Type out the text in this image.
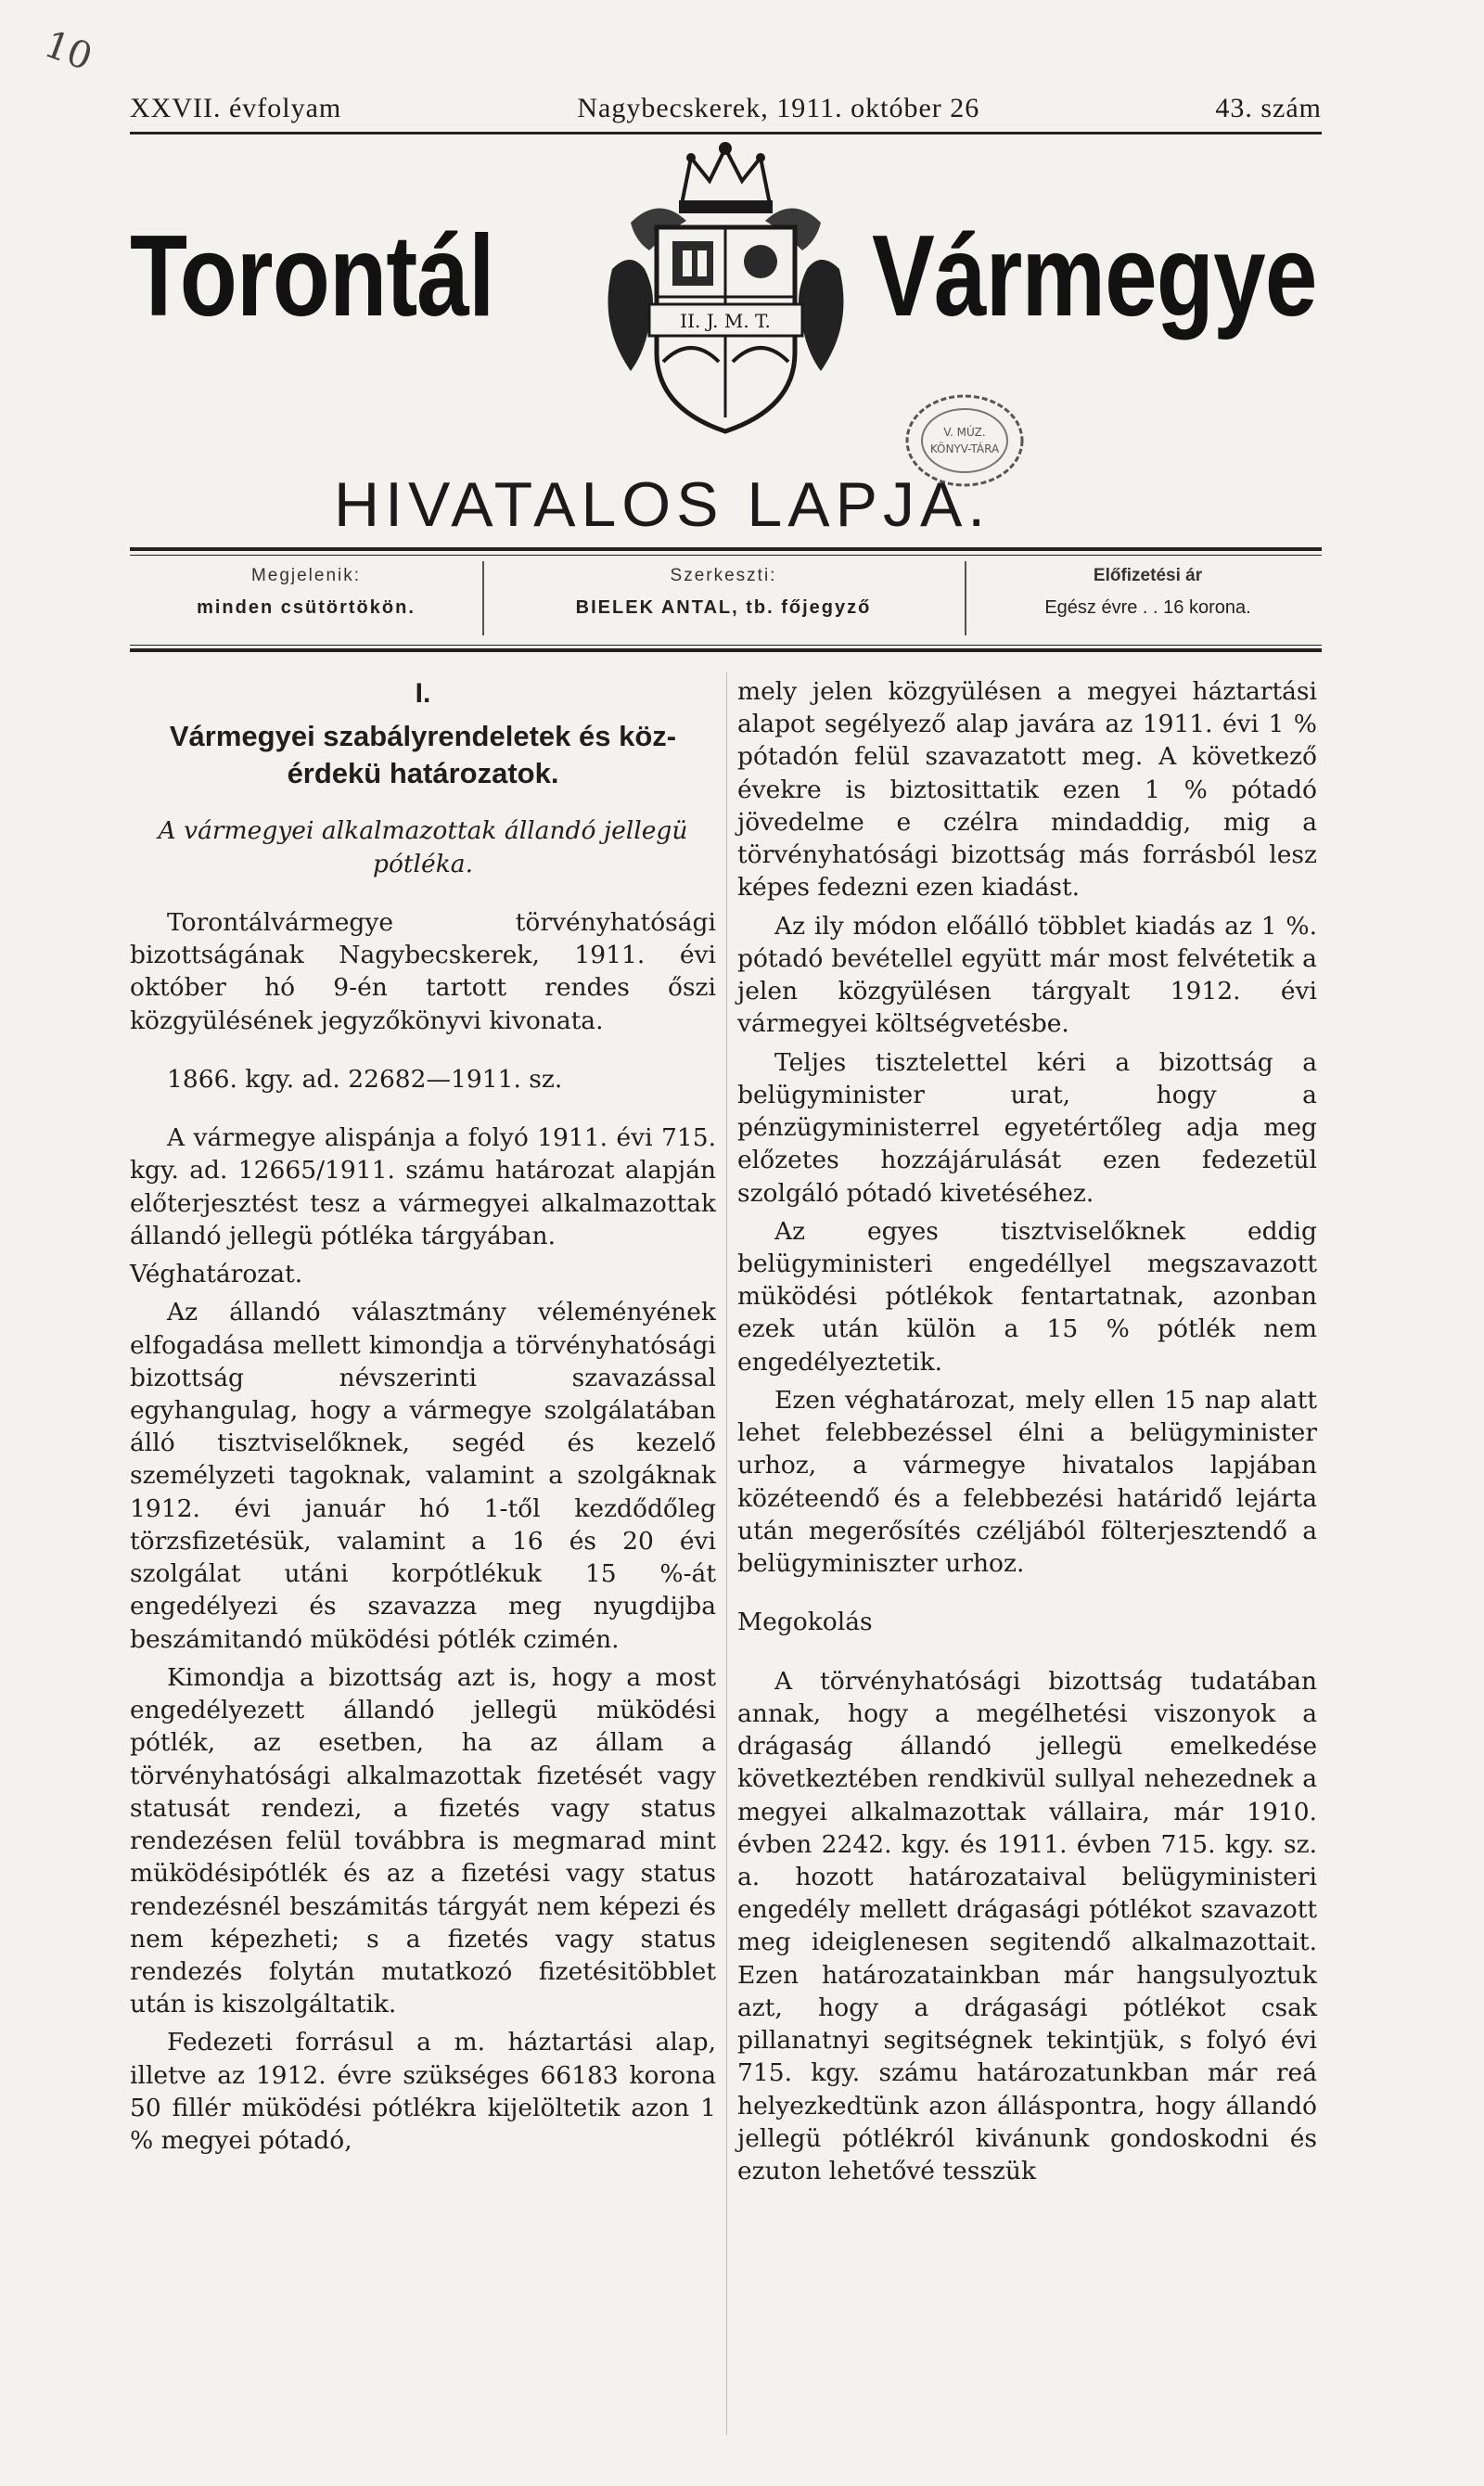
10
XXVII. évfolyam	Nagybecskerek, 1911. október 26	43. szám
Torontál	Vármegye
II. J. M. T.
V. MÚZ.
KÖNYV-TÁRA
HIVATALOS LAPJA.
Megjelenik:
minden csütörtökön.
Szerkeszti:
BIELEK ANTAL, tb. főjegyző
Előfizetési ár
Egész évre . . 16 korona.
I.
Vármegyei szabályrendeletek és köz-érdekü határozatok.
A vármegyei alkalmazottak állandó jellegü pótléka.

Torontálvármegye törvényhatósági bizottságának Nagybecskerek, 1911. évi október hó 9-én tartott rendes őszi közgyülésének jegyzőkönyvi kivonata.

1866. kgy. ad. 22682—1911. sz.

A vármegye alispánja a folyó 1911. évi 715. kgy. ad. 12665/1911. számu határozat alapján előterjesztést tesz a vármegyei alkalmazottak állandó jellegü pótléka tárgyában.

Véghatározat.

Az állandó választmány véleményének elfogadása mellett kimondja a törvényhatósági bizottság névszerinti szavazással egyhangulag, hogy a vármegye szolgálatában álló tisztviselőknek, segéd és kezelő személyzeti tagoknak, valamint a szolgáknak 1912. évi január hó 1-től kezdődőleg törzsfizetésük, valamint a 16 és 20 évi szolgálat utáni korpótlékuk 15 %-át engedélyezi és szavazza meg nyugdijba beszámitandó müködési pótlék czimén.

Kimondja a bizottság azt is, hogy a most engedélyezett állandó jellegü müködési pótlék, az esetben, ha az állam a törvényhatósági alkalmazottak fizetését vagy statusát rendezi, a fizetés vagy status rendezésen felül továbbra is megmarad mint müködésipótlék és az a fizetési vagy status rendezésnél beszámitás tárgyát nem képezi és nem képezheti; s a fizetés vagy status rendezés folytán mutatkozó fizetésitöbblet után is kiszolgáltatik.

Fedezeti forrásul a m. háztartási alap, illetve az 1912. évre szükséges 66183 korona 50 fillér müködési pótlékra kijelöltetik azon 1 % megyei pótadó,

mely jelen közgyülésen a megyei háztartási alapot segélyező alap javára az 1911. évi 1 % pótadón felül szavazatott meg. A következő évekre is biztosittatik ezen 1 % pótadó jövedelme e czélra mindaddig, mig a törvényhatósági bizottság más forrásból lesz képes fedezni ezen kiadást.

Az ily módon előálló többlet kiadás az 1 %. pótadó bevétellel együtt már most felvétetik a jelen közgyülésen tárgyalt 1912. évi vármegyei költségvetésbe.

Teljes tisztelettel kéri a bizottság a belügyminister urat, hogy a pénzügyministerrel egyetértőleg adja meg előzetes hozzájárulását ezen fedezetül szolgáló pótadó kivetéséhez.

Az egyes tisztviselőknek eddig belügyministeri engedéllyel megszavazott müködési pótlékok fentartatnak, azonban ezek után külön a 15 % pótlék nem engedélyeztetik.

Ezen véghatározat, mely ellen 15 nap alatt lehet felebbezéssel élni a belügyminister urhoz, a vármegye hivatalos lapjában közéteendő és a felebbezési határidő lejárta után megerősítés czéljából fölterjesztendő a belügyminiszter urhoz.

Megokolás

A törvényhatósági bizottság tudatában annak, hogy a megélhetési viszonyok a drágaság állandó jellegü emelkedése következtében rendkivül sullyal nehezednek a megyei alkalmazottak vállaira, már 1910. évben 2242. kgy. és 1911. évben 715. kgy. sz. a. hozott határozataival belügyministeri engedély mellett drágasági pótlékot szavazott meg ideiglenesen segitendő alkalmazottait. Ezen határozatainkban már hangsulyoztuk azt, hogy a drágasági pótlékot csak pillanatnyi segitségnek tekintjük, s folyó évi 715. kgy. számu határozatunkban már reá helyezkedtünk azon álláspontra, hogy állandó jellegü pótlékról kivánunk gondoskodni és ezuton lehetővé tesszük
